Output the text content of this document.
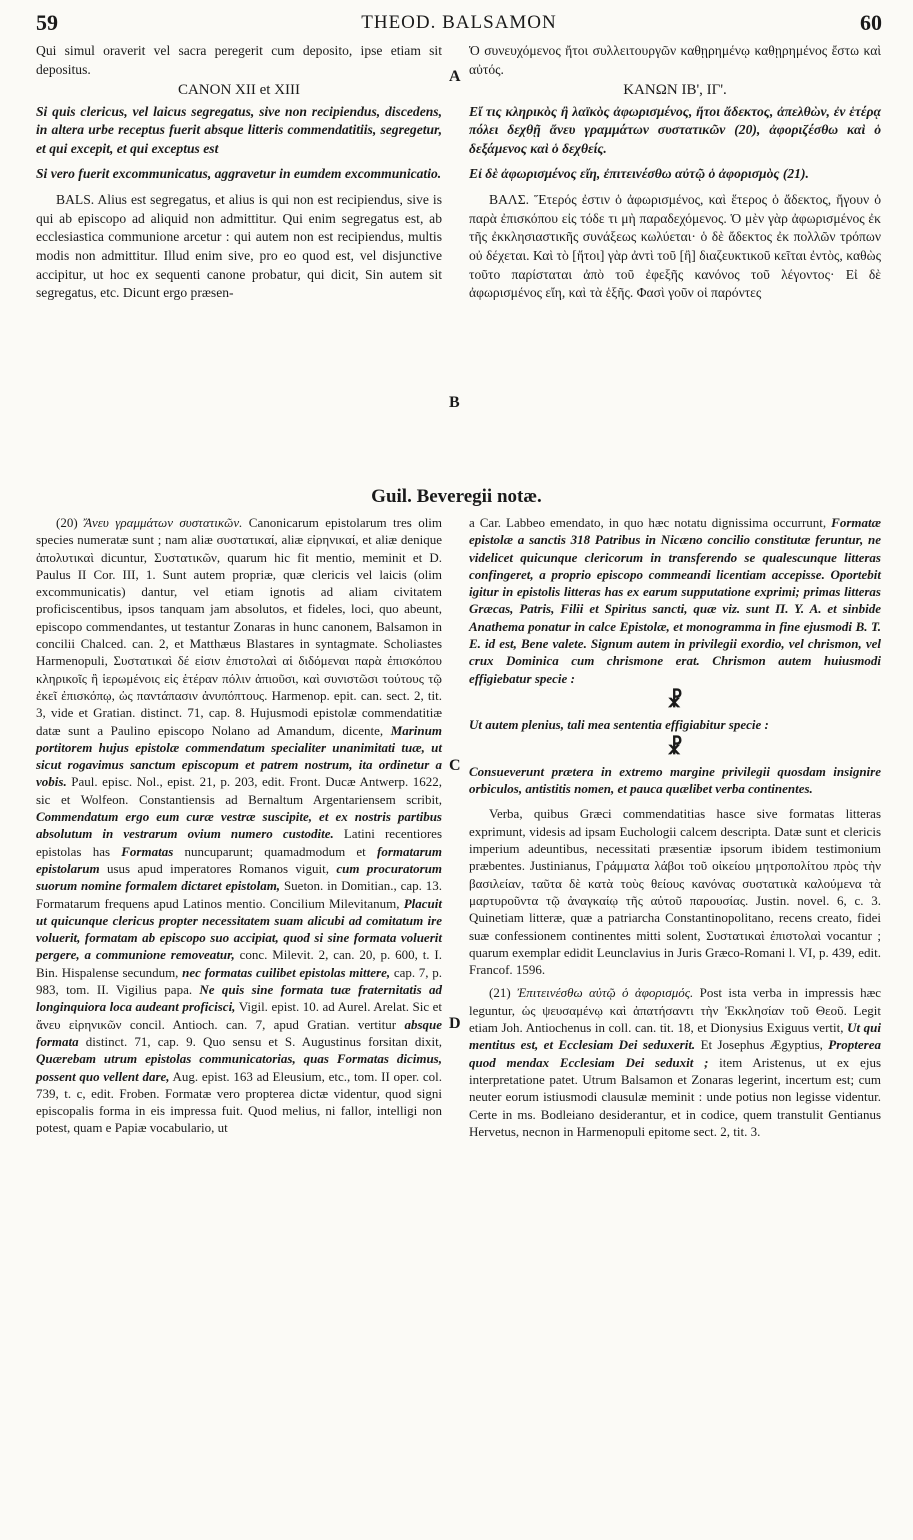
59	THEOD. BALSAMON	60
A
B
C
D

Qui simul oraverit vel sacra peregerit cum deposito, ipse etiam sit depositus.

CANON XII et XIII

Si quis clericus, vel laicus segregatus, sive non recipiendus, discedens, in altera urbe receptus fuerit absque litteris commendatitiis, segregetur, et qui excepit, et qui exceptus est

Si vero fuerit excommunicatus, aggravetur in eumdem excommunicatio.

BALS. Alius est segregatus, et alius is qui non est recipiendus, sive is qui ab episcopo ad aliquid non admittitur. Qui enim segregatus est, ab ecclesiastica communione arcetur : qui autem non est recipiendus, multis modis non admittitur. Illud enim sive, pro eo quod est, vel disjunctive accipitur, ut hoc ex sequenti canone probatur, qui dicit, Sin autem sit segregatus, etc. Dicunt ergo præsen-

Ὁ συνευχόμενος ἤτοι συλλειτουργῶν καθῃρημένῳ καθῃρημένος ἔστω καὶ αὐτός.

ΚΑΝΩΝ ΙΒ', ΙΓ'.

Εἴ τις κληρικὸς ἢ λαϊκὸς ἀφωρισμένος, ἤτοι ἄδεκτος, ἀπελθὼν, ἐν ἑτέρᾳ πόλει δεχθῇ ἄνευ γραμμάτων συστατικῶν (20), ἀφοριζέσθω καὶ ὁ δεξάμενος καὶ ὁ δεχθείς.

Εἰ δὲ ἀφωρισμένος εἴη, ἐπιτεινέσθω αὐτῷ ὁ ἀφορισμὸς (21).

ΒΑΛΣ. Ἕτερός ἐστιν ὁ ἀφωρισμένος, καὶ ἕτερος ὁ ἄδεκτος, ἤγουν ὁ παρὰ ἐπισκόπου εἰς τόδε τι μὴ παραδεχόμενος. Ὁ μὲν γὰρ ἀφωρισμένος ἐκ τῆς ἐκκλησιαστικῆς συνάξεως κωλύεται· ὁ δὲ ἄδεκτος ἐκ πολλῶν τρόπων οὐ δέχεται. Καὶ τὸ [ἤτοι] γὰρ ἀντὶ τοῦ [ἢ] διαζευκτικοῦ κεῖται ἐντὸς, καθὼς τοῦτο παρίσταται ἀπὸ τοῦ ἐφεξῆς κανόνος τοῦ λέγοντος· Εἰ δὲ ἀφωρισμένος εἴη, καὶ τὰ ἑξῆς. Φασὶ γοῦν οἱ παρόντες

Guil. Beveregii notæ.

(20) Ἄνευ γραμμάτων συστατικῶν. Canonicarum epistolarum tres olim species numeratæ sunt ; nam aliæ συστατικαί, aliæ εἰρηνικαί, et aliæ denique ἀπολυτικαὶ dicuntur, Συστατικῶν, quarum hic fit mentio, meminit et D. Paulus II Cor. III, 1. Sunt autem propriæ, quæ clericis vel laicis (olim excommunicatis) dantur, vel etiam ignotis ad aliam civitatem proficiscentibus, ipsos tanquam jam absolutos, et fideles, loci, quo abeunt, episcopo commendantes, ut testantur Zonaras in hunc canonem, Balsamon in concilii Chalced. can. 2, et Matthæus Blastares in syntagmate. Scholiastes Harmenopuli, Συστατικαὶ δέ εἰσιν ἐπιστολαὶ αἱ διδόμεναι παρὰ ἐπισκόπου κληρικοῖς ἢ ἱερωμένοις εἰς ἑτέραν πόλιν ἀπιοῦσι, καὶ συνιστῶσι τούτους τῷ ἐκεῖ ἐπισκόπῳ, ὡς παντάπασιν ἀνυπόπτους. Harmenop. epit. can. sect. 2, tit. 3, vide et Gratian. distinct. 71, cap. 8. Hujusmodi epistolæ commendatitiæ datæ sunt a Paulino episcopo Nolano ad Amandum, dicente, Marinum portitorem hujus epistolæ commendatum specialiter unanimitati tuæ, ut sicut rogavimus sanctum episcopum et patrem nostrum, ita ordinetur a vobis. Paul. episc. Nol., epist. 21, p. 203, edit. Front. Ducæ Antwerp. 1622, sic et Wolfeon. Constantiensis ad Bernaltum Argentariensem scribit, Commendatum ergo eum curæ vestræ suscipite, et ex nostris partibus absolutum in vestrarum ovium numero custodite. Latini recentiores epistolas has Formatas nuncuparunt; quamadmodum et formatarum epistolarum usus apud imperatores Romanos viguit, cum procuratorum suorum nomine formalem dictaret epistolam, Sueton. in Domitian., cap. 13. Formatarum frequens apud Latinos mentio. Concilium Milevitanum, Placuit ut quicunque clericus propter necessitatem suam alicubi ad comitatum ire voluerit, formatam ab episcopo suo accipiat, quod si sine formata voluerit pergere, a communione removeatur, conc. Milevit. 2, can. 20, p. 600, t. I. Bin. Hispalense secundum, nec formatas cuilibet epistolas mittere, cap. 7, p. 983, tom. II. Vigilius papa. Ne quis sine formata tuæ fraternitatis ad longinquiora loca audeant proficisci, Vigil. epist. 10. ad Aurel. Arelat. Sic et ἄνευ εἰρηνικῶν concil. Antioch. can. 7, apud Gratian. vertitur absque formata distinct. 71, cap. 9. Quo sensu et S. Augustinus forsitan dixit, Quærebam utrum epistolas communicatorias, quas Formatas dicimus, possent quo vellent dare, Aug. epist. 163 ad Eleusium, etc., tom. II oper. col. 739, t. c, edit. Froben. Formatæ vero propterea dictæ videntur, quod signi episcopalis forma in eis impressa fuit. Quod melius, ni fallor, intelligi non potest, quam e Papiæ vocabulario, ut

a Car. Labbeo emendato, in quo hæc notatu dignissima occurrunt, Formatæ epistolæ a sanctis 318 Patribus in Nicæno concilio constitutæ feruntur, ne videlicet quicunque clericorum in transferendo se qualescunque litteras confingeret, a proprio episcopo commeandi licentiam accepisse. Oportebit igitur in epistolis litteras has ex earum supputatione exprimi; primas litteras Græcas, Patris, Filii et Spiritus sancti, quæ viz. sunt Π. Υ. Α. et sinbide Anathema ponatur in calce Epistolæ, et monogramma in fine ejusmodi B. T. E. id est, Bene valete. Signum autem in privilegii exordio, vel chrismon, vel crux Dominica cum chrismone erat. Chrismon autem huiusmodi effigiebatur specie :

☧

Ut autem plenius, tali mea sententia effigiabitur specie :

☧

Consueverunt prætera in extremo margine privilegii quosdam insignire orbiculos, antistitis nomen, et pauca quælibet verba continentes.

Verba, quibus Græci commendatitias hasce sive formatas litteras exprimunt, videsis ad ipsam Euchologii calcem descripta. Datæ sunt et clericis imperium adeuntibus, necessitati præsentiæ ipsorum ibidem testimonium præbentes. Justinianus, Γράμματα λάβοι τοῦ οἰκείου μητροπολίτου πρὸς τὴν βασιλείαν, ταῦτα δὲ κατὰ τοὺς θείους κανόνας συστατικὰ καλούμενα τὰ μαρτυροῦντα τῷ ἀναγκαίῳ τῆς αὐτοῦ παρουσίας. Justin. novel. 6, c. 3. Quinetiam litteræ, quæ a patriarcha Constantinopolitano, recens creato, fidei suæ confessionem continentes mitti solent, Συστατικαὶ ἐπιστολαὶ vocantur ; quarum exemplar edidit Leunclavius in Juris Græco-Romani l. VI, p. 439, edit. Francof. 1596.

(21) Ἐπιτεινέσθω αὐτῷ ὁ ἀφορισμός. Post ista verba in impressis hæc leguntur, ὡς ψευσαμένῳ καὶ ἀπατήσαντι τὴν Ἐκκλησίαν τοῦ Θεοῦ. Legit etiam Joh. Antiochenus in coll. can. tit. 18, et Dionysius Exiguus vertit, Ut qui mentitus est, et Ecclesiam Dei seduxerit. Et Josephus Ægyptius, Propterea quod mendax Ecclesiam Dei seduxit ; item Aristenus, ut ex ejus interpretatione patet. Utrum Balsamon et Zonaras legerint, incertum est; cum neuter eorum istiusmodi clausulæ meminit : unde potius non legisse videntur. Certe in ms. Bodleiano desiderantur, et in codice, quem transtulit Gentianus Hervetus, necnon in Harmenopuli epitome sect. 2, tit. 3.
